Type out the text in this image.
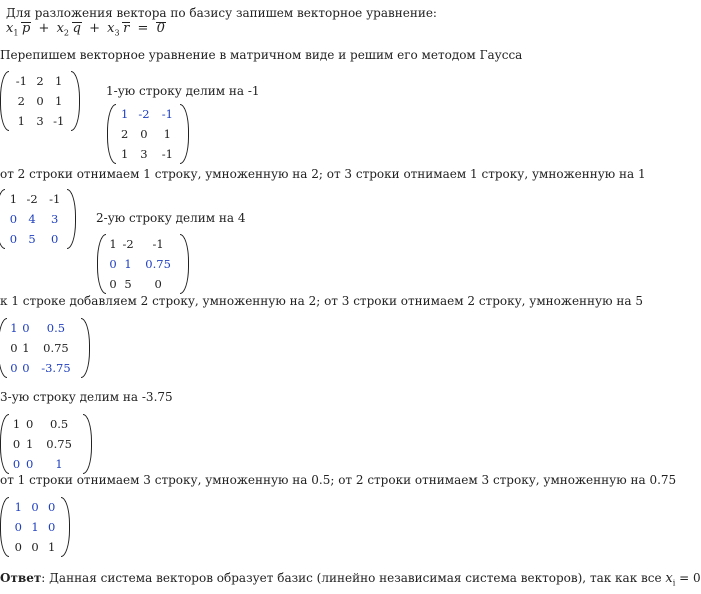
Для разложения вектора по базису запишем векторное уравнение:
$x_1$  $p + x_2$  $q + x_3$  r = 0
Перепишем векторное уравнение в матричном виде и решим его методом Гаусса
-1	2	1
2	0	1
1	3	-1
1-ую строку делим на -1
1	-2	-1
2	0	1
1	3	-1
от 2 строки отнимаем 1 строку, умноженную на 2; от 3 строки отнимаем 1 строку, умноженную на 1
1	-2	-1
0	4	3
0	5	0
2-ую строку делим на 4
1	-2	-1
0	1	0.75
0	5	0
к 1 строке добавляем 2 строку, умноженную на 2; от 3 строки отнимаем 2 строку, умноженную на 5
1	0	0.5
0	1	0.75
0	0	-3.75
3-ую строку делим на -3.75
1	0	0.5
0	1	0.75
0	0	1
от 1 строки отнимаем 3 строку, умноженную на 0.5; от 2 строки отнимаем 3 строку, умноженную на 0.75
1	0	0
0	1	0
0	0	1
Ответ: Данная система векторов образует базис (линейно независимая система векторов), так как все $x_i = 0$
